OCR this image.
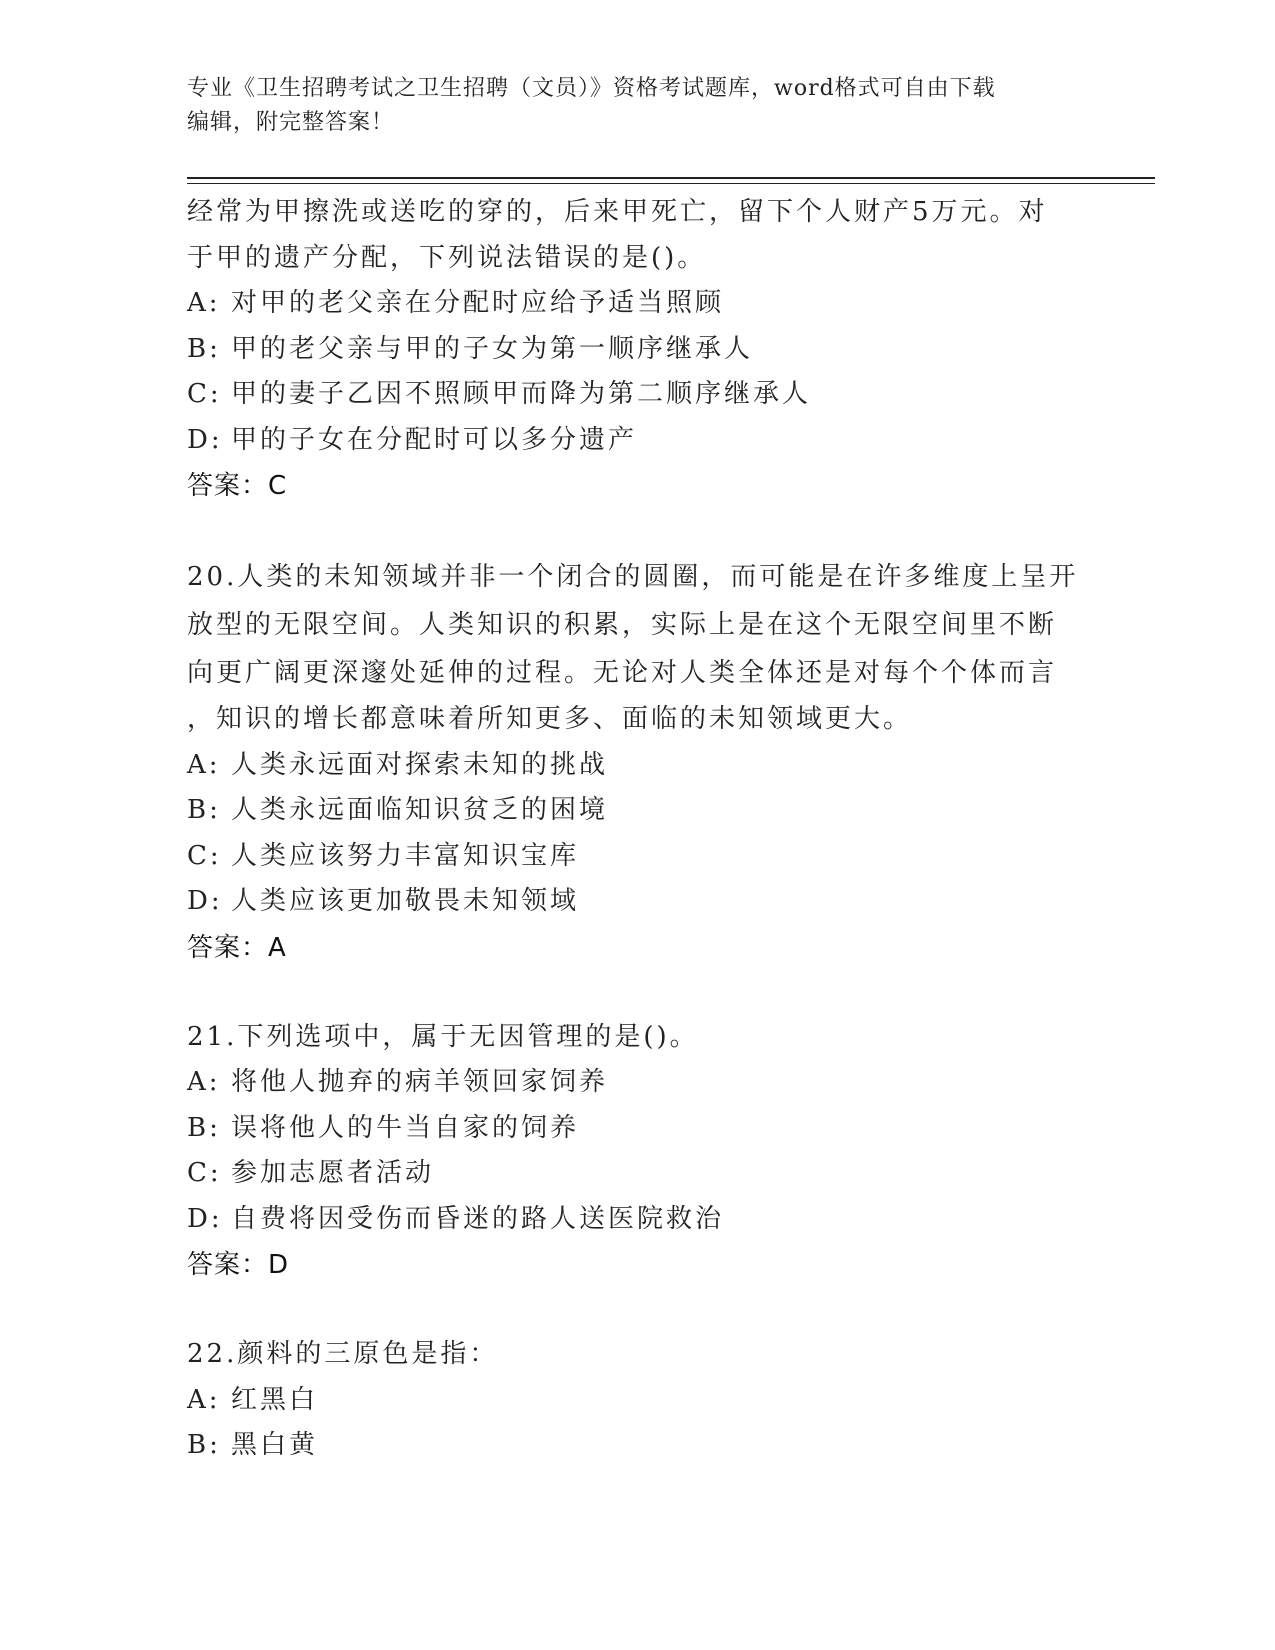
专业《卫生招聘考试之卫生招聘（文员）》资格考试题库，word格式可自由下载
编辑，附完整答案！
经常为甲擦洗或送吃的穿的，后来甲死亡，留下个人财产5万元。对
于甲的遗产分配，下列说法错误的是()。
A: 对甲的老父亲在分配时应给予适当照顾
B: 甲的老父亲与甲的子女为第一顺序继承人
C: 甲的妻子乙因不照顾甲而降为第二顺序继承人
D: 甲的子女在分配时可以多分遗产
答案：C
20.人类的未知领域并非一个闭合的圆圈，而可能是在许多维度上呈开
放型的无限空间。人类知识的积累，实际上是在这个无限空间里不断
向更广阔更深邃处延伸的过程。无论对人类全体还是对每个个体而言
，知识的增长都意味着所知更多、面临的未知领域更大。
A: 人类永远面对探索未知的挑战
B: 人类永远面临知识贫乏的困境
C: 人类应该努力丰富知识宝库
D: 人类应该更加敬畏未知领域
答案：A
21.下列选项中，属于无因管理的是()。
A: 将他人抛弃的病羊领回家饲养
B: 误将他人的牛当自家的饲养
C: 参加志愿者活动
D: 自费将因受伤而昏迷的路人送医院救治
答案：D
22.颜料的三原色是指：
A: 红黑白
B: 黑白黄
